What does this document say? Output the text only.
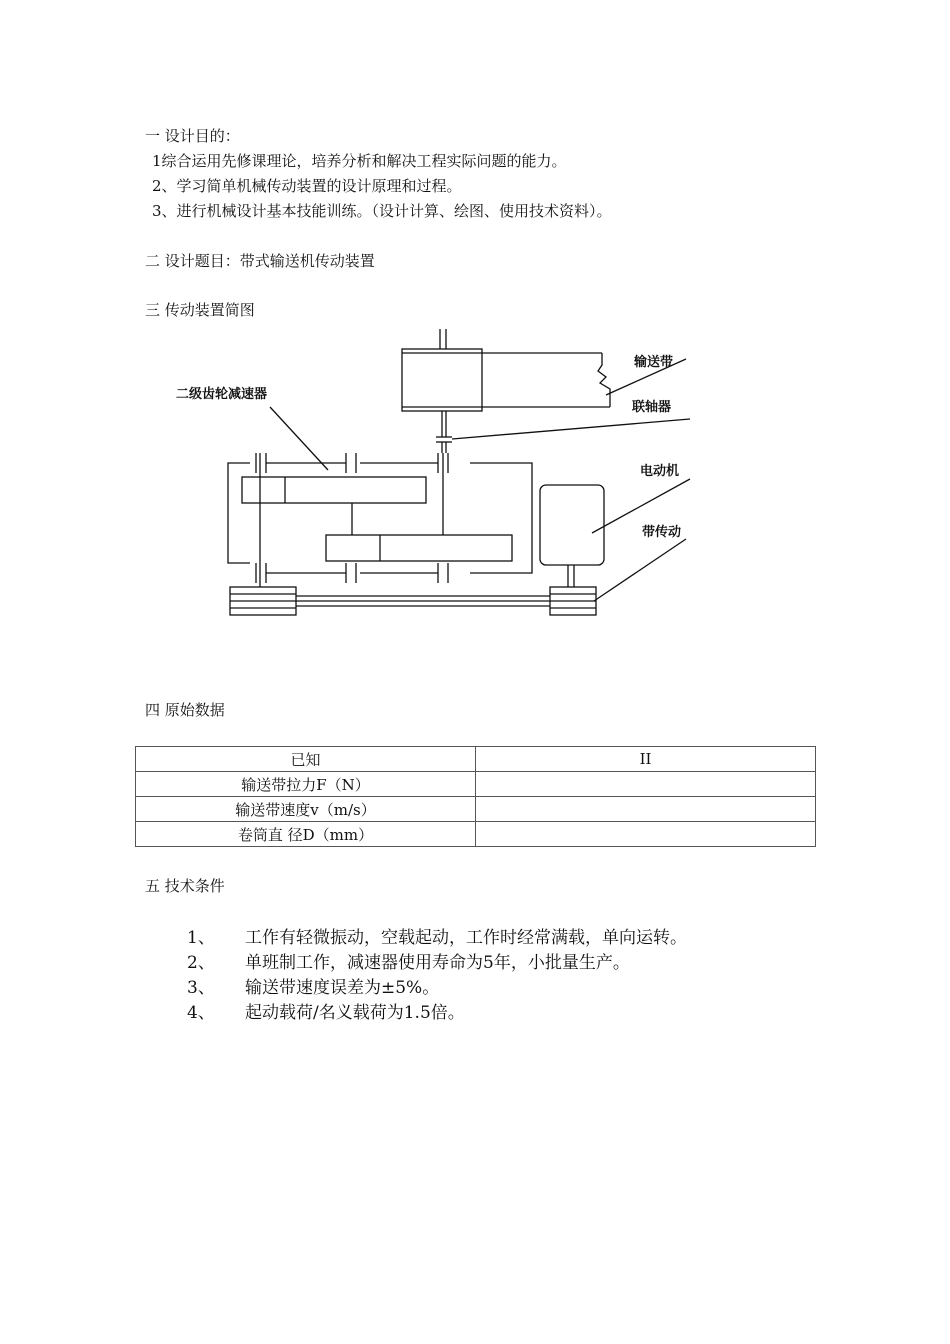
一 设计目的：
1综合运用先修课理论，培养分析和解决工程实际问题的能力。
2、学习简单机械传动装置的设计原理和过程。
3、进行机械设计基本技能训练。（设计计算、绘图、使用技术资料）。
二 设计题目：带式输送机传动装置
三 传动装置简图
二级齿轮减速器
输送带
联轴器
电动机
带传动
四 原始数据
已知	II
输送带拉力F（N）	
输送带速度v（m/s）	
卷筒直 径D（mm）	
五 技术条件
1、 工作有轻微振动，空载起动，工作时经常满载，单向运转。
2、 单班制工作，减速器使用寿命为5年，小批量生产。
3、 输送带速度误差为±5%。
4、 起动载荷/名义载荷为1.5倍。
